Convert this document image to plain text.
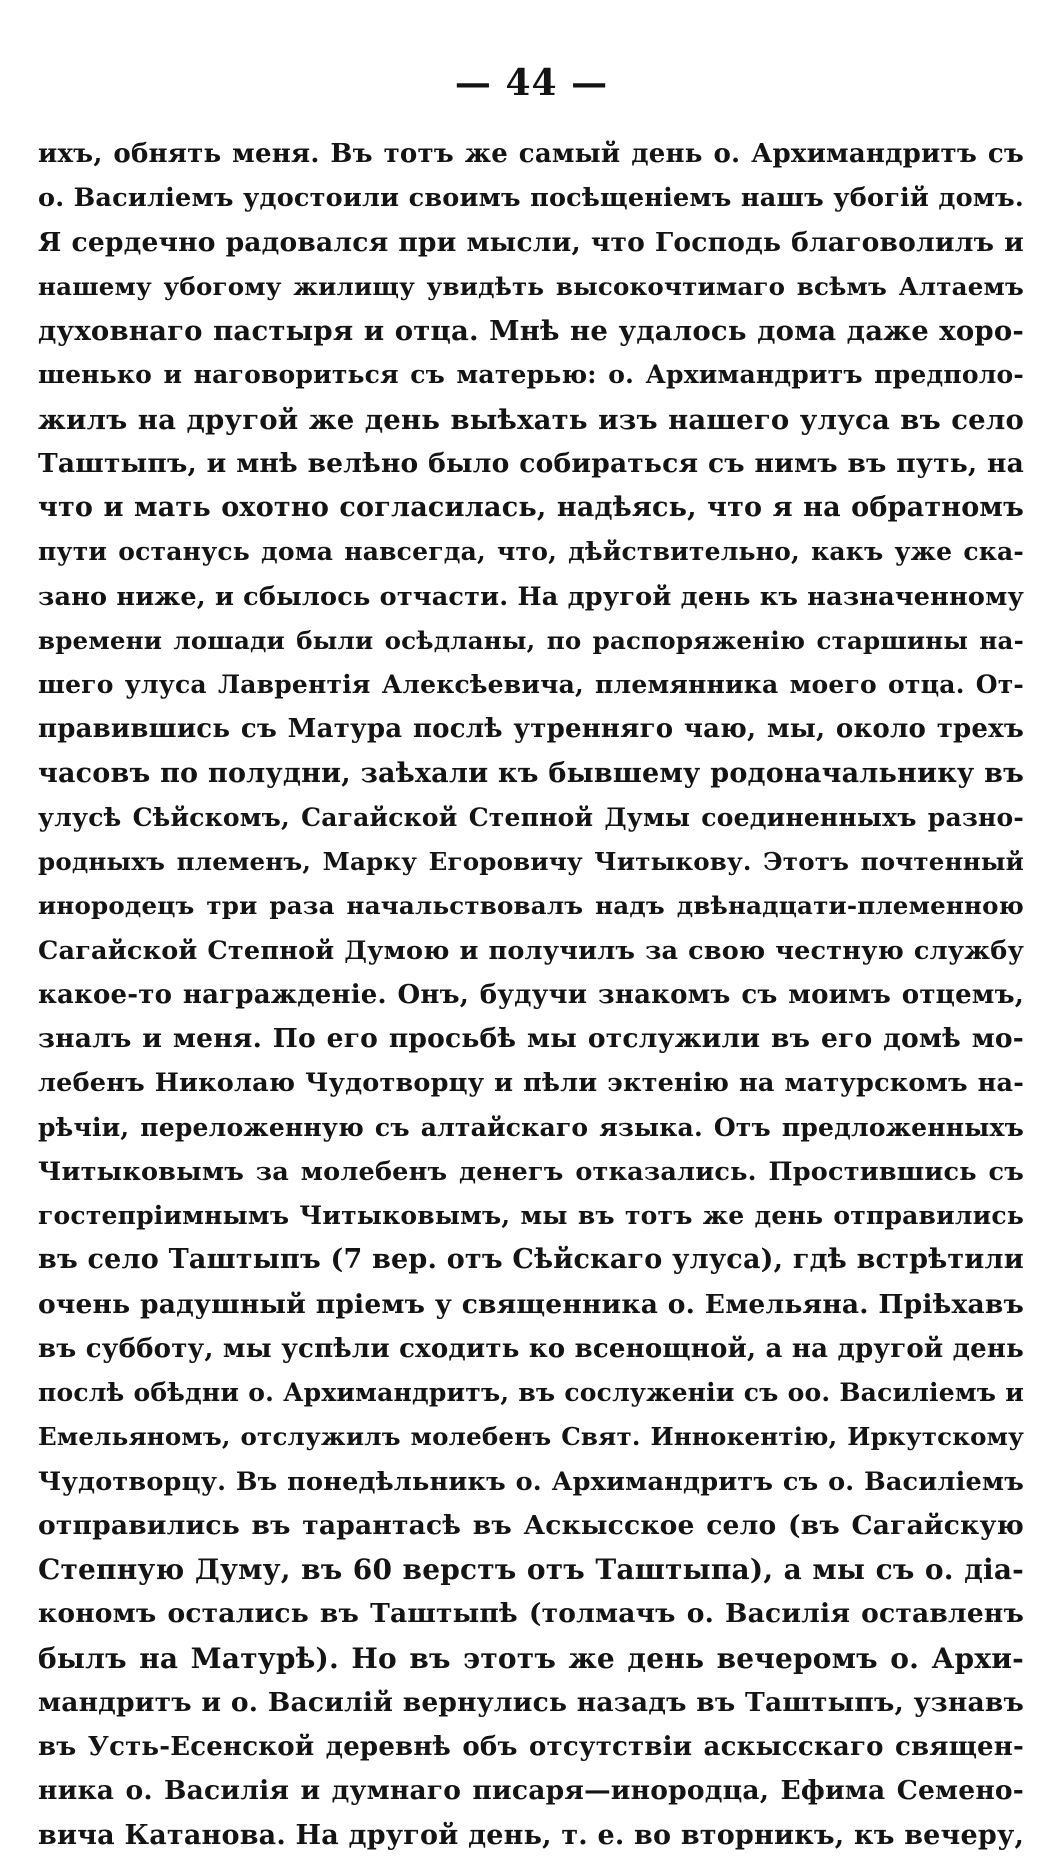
— 44 —
ихъ, обнять меня. Въ тотъ же самый день о. Архимандритъ съ
о. Василіемъ удостоили своимъ посѣщеніемъ нашъ убогій домъ.
Я сердечно радовался при мысли, что Господь благоволилъ и
нашему убогому жилищу увидѣть высокочтимаго всѣмъ Алтаемъ
духовнаго пастыря и отца. Мнѣ не удалось дома даже хоро-
шенько и наговориться съ матерью: о. Архимандритъ предполо-
жилъ на другой же день выѣхать изъ нашего улуса въ село
Таштыпъ, и мнѣ велѣно было собираться съ нимъ въ путь, на
что и мать охотно согласилась, надѣясь, что я на обратномъ
пути останусь дома навсегда, что, дѣйствительно, какъ уже ска-
зано ниже, и сбылось отчасти. На другой день къ назначенному
времени лошади были осѣдланы, по распоряженію старшины на-
шего улуса Лаврентія Алексѣевича, племянника моего отца. От-
правившись съ Матура послѣ утренняго чаю, мы, около трехъ
часовъ по полудни, заѣхали къ бывшему родоначальнику въ
улусѣ Сѣйскомъ, Сагайской Степной Думы соединенныхъ разно-
родныхъ племенъ, Марку Егоровичу Читыкову. Этотъ почтенный
инородецъ три раза начальствовалъ надъ двѣнадцати-племенною
Сагайской Степной Думою и получилъ за свою честную службу
какое-то награжденіе. Онъ, будучи знакомъ съ моимъ отцемъ,
зналъ и меня. По его просьбѣ мы отслужили въ его домѣ мо-
лебенъ Николаю Чудотворцу и пѣли эктенію на матурскомъ на-
рѣчіи, переложенную съ алтайскаго языка. Отъ предложенныхъ
Читыковымъ за молебенъ денегъ отказались. Простившись съ
гостепріимнымъ Читыковымъ, мы въ тотъ же день отправились
въ село Таштыпъ (7 вер. отъ Сѣйскаго улуса), гдѣ встрѣтили
очень радушный пріемъ у священника о. Емельяна. Пріѣхавъ
въ субботу, мы успѣли сходить ко всенощной, а на другой день
послѣ обѣдни о. Архимандритъ, въ сослуженіи съ оо. Василіемъ и
Емельяномъ, отслужилъ молебенъ Свят. Иннокентію, Иркутскому
Чудотворцу. Въ понедѣльникъ о. Архимандритъ съ о. Василіемъ
отправились въ тарантасѣ въ Аскысское село (въ Сагайскую
Степную Думу, въ 60 верстъ отъ Таштыпа), а мы съ о. діа-
кономъ остались въ Таштыпѣ (толмачъ о. Василія оставленъ
былъ на Матурѣ). Но въ этотъ же день вечеромъ о. Архи-
мандритъ и о. Василій вернулись назадъ въ Таштыпъ, узнавъ
въ Усть-Есенской деревнѣ объ отсутствіи аскысскаго священ-
ника о. Василія и думнаго писаря—инородца, Ефима Семено-
вича Катанова. На другой день, т. е. во вторникъ, къ вечеру,
